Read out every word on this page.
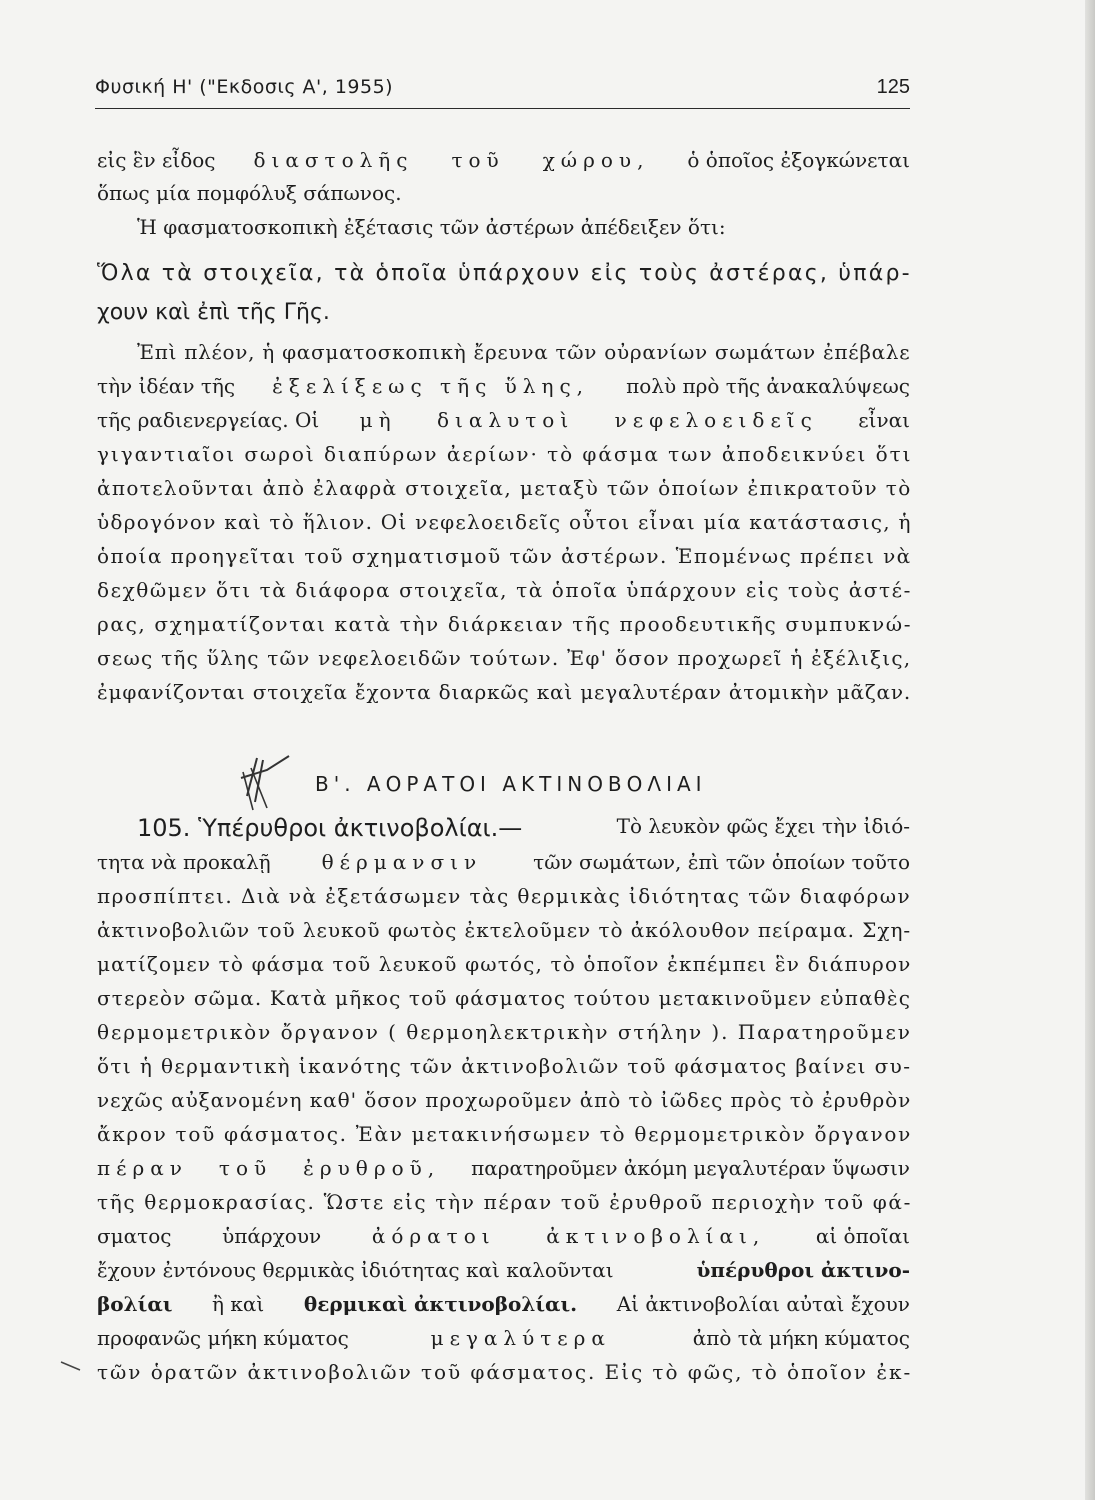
Φυσική Η' ("Εκδοσις Α', 1955)	125
εἰς ἓν εἶδος διαστολῆς τοῦ χώρου, ὁ ὁποῖος ἐξογκώνεται
ὅπως μία πομφόλυξ σάπωνος.
Ἡ φασματοσκοπικὴ ἐξέτασις τῶν ἀστέρων ἀπέδειξεν ὅτι:
Ὅλα τὰ στοιχεῖα, τὰ ὁποῖα ὑπάρχουν εἰς τοὺς ἀστέρας, ὑπάρ-
χουν καὶ ἐπὶ τῆς Γῆς.
Ἐπὶ πλέον, ἡ φασματοσκοπικὴ ἔρευνα τῶν οὐρανίων σωμάτων ἐπέβαλε
τὴν ἰδέαν τῆς ἐξελίξεως τῆς ὕλης, πολὺ πρὸ τῆς ἀνακαλύψεως
τῆς ραδιενεργείας. Οἱ μὴ διαλυτοὶ νεφελοειδεῖς εἶναι
γιγαντιαῖοι σωροὶ διαπύρων ἀερίων· τὸ φάσμα των ἀποδεικνύει ὅτι
ἀποτελοῦνται ἀπὸ ἐλαφρὰ στοιχεῖα, μεταξὺ τῶν ὁποίων ἐπικρατοῦν τὸ
ὑδρογόνον καὶ τὸ ἥλιον. Οἱ νεφελοειδεῖς οὗτοι εἶναι μία κατάστασις, ἡ
ὁποία προηγεῖται τοῦ σχηματισμοῦ τῶν ἀστέρων. Ἑπομένως πρέπει νὰ
δεχθῶμεν ὅτι τὰ διάφορα στοιχεῖα, τὰ ὁποῖα ὑπάρχουν εἰς τοὺς ἀστέ-
ρας, σχηματίζονται κατὰ τὴν διάρκειαν τῆς προοδευτικῆς συμπυκνώ-
σεως τῆς ὕλης τῶν νεφελοειδῶν τούτων. Ἐφ' ὅσον προχωρεῖ ἡ ἐξέλιξις,
ἐμφανίζονται στοιχεῖα ἔχοντα διαρκῶς καὶ μεγαλυτέραν ἀτομικὴν μᾶζαν.
Β'. ΑΟΡΑΤΟΙ ΑΚΤΙΝΟΒΟΛΙΑΙ
105. Ὑπέρυθροι ἀκτινοβολίαι.—	Τὸ λευκὸν φῶς ἔχει τὴν ἰδιό-
τητα νὰ προκαλῇ	θέρμανσιν	τῶν σωμάτων, ἐπὶ τῶν ὁποίων τοῦτο
προσπίπτει. Διὰ νὰ ἐξετάσωμεν τὰς θερμικὰς ἰδιότητας τῶν διαφόρων
ἀκτινοβολιῶν τοῦ λευκοῦ φωτὸς ἐκτελοῦμεν τὸ ἀκόλουθον πείραμα. Σχη-
ματίζομεν τὸ φάσμα τοῦ λευκοῦ φωτός, τὸ ὁποῖον ἐκπέμπει ἓν διάπυρον
στερεὸν σῶμα. Κατὰ μῆκος τοῦ φάσματος τούτου μετακινοῦμεν εὐπαθὲς
θερμομετρικὸν ὄργανον ( θερμοηλεκτρικὴν στήλην ). Παρατηροῦμεν
ὅτι ἡ θερμαντικὴ ἱκανότης τῶν ἀκτινοβολιῶν τοῦ φάσματος βαίνει συ-
νεχῶς αὐξανομένη καθ' ὅσον προχωροῦμεν ἀπὸ τὸ ἰῶδες πρὸς τὸ ἐρυθρὸν
ἄκρον τοῦ φάσματος. Ἐὰν μετακινήσωμεν τὸ θερμομετρικὸν ὄργανον
πέραν τοῦ ἐρυθροῦ, παρατηροῦμεν ἀκόμη μεγαλυτέραν ὕψωσιν
τῆς θερμοκρασίας. Ὥστε εἰς τὴν πέραν τοῦ ἐρυθροῦ περιοχὴν τοῦ φά-
σματος	ὑπάρχουν	ἀόρατοι	ἀκτινοβολίαι,	αἱ ὁποῖαι
ἔχουν ἐντόνους θερμικὰς ἰδιότητας καὶ καλοῦνται	ὑπέρυθροι ἀκτινο-
βολίαι ἢ καὶ θερμικαὶ ἀκτινοβολίαι. Αἱ ἀκτινοβολίαι αὐταὶ ἔχουν
προφανῶς μήκη κύματος	μεγαλύτερα	ἀπὸ τὰ μήκη κύματος
τῶν ὁρατῶν ἀκτινοβολιῶν τοῦ φάσματος. Εἰς τὸ φῶς, τὸ ὁποῖον ἐκ-
